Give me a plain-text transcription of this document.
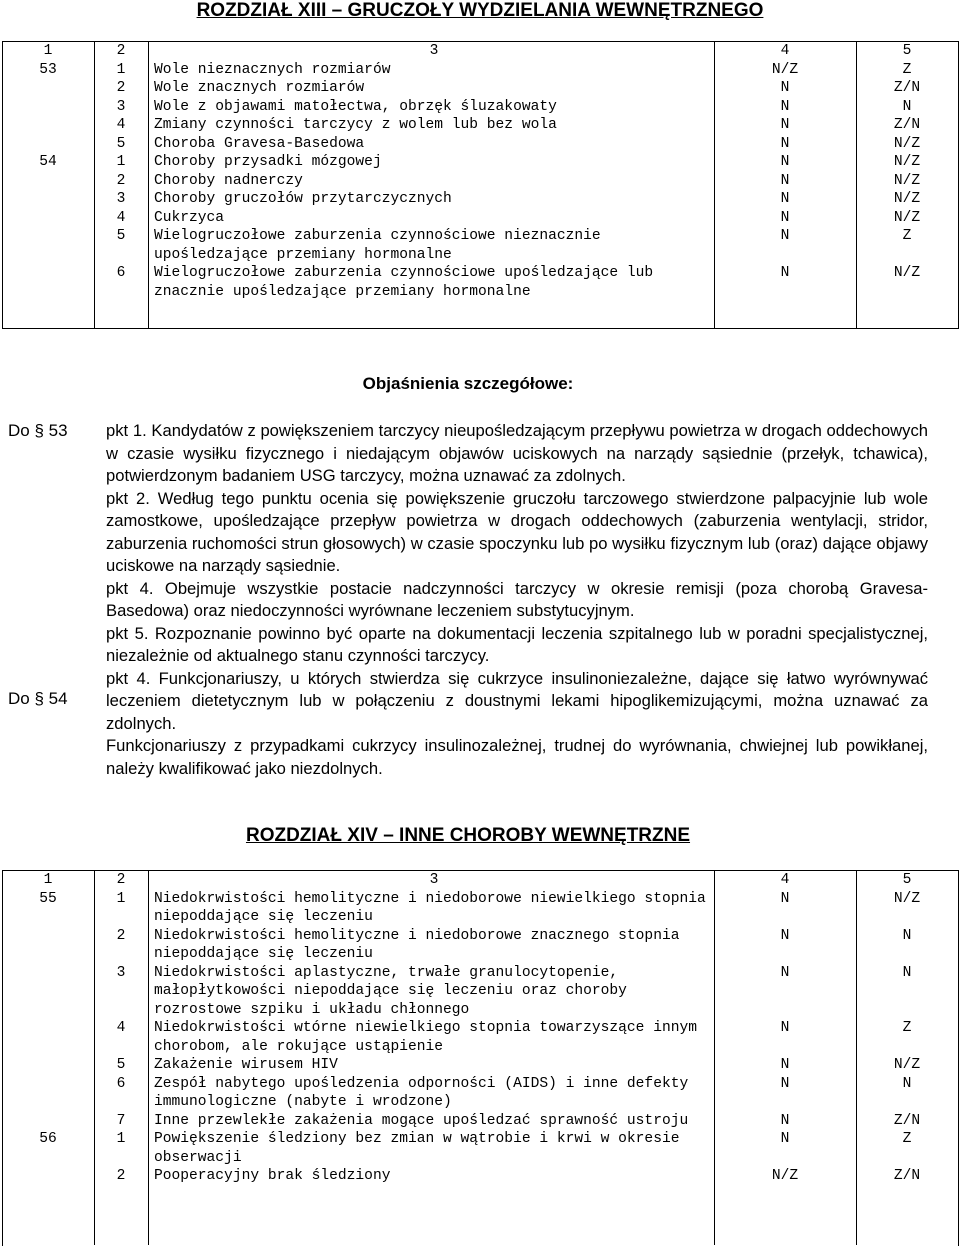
ROZDZIAŁ XIII – GRUCZOŁY WYDZIELANIA WEWNĘTRZNEGO
1	2	3	4	5
53	1	Wole nieznacznych rozmiarów	N/Z	Z
	2	Wole znacznych rozmiarów	N	Z/N
	3	Wole z objawami matołectwa, obrzęk śluzakowaty	N	N
	4	Zmiany czynności tarczycy z wolem lub bez wola	N	Z/N
	5	Choroba Gravesa-Basedowa	N	N/Z
54	1	Choroby przysadki mózgowej	N	N/Z
	2	Choroby nadnerczy	N	N/Z
	3	Choroby gruczołów przytarczycznych	N	N/Z
	4	Cukrzyca	N	N/Z
	5	Wielogruczołowe zaburzenia czynnościowe nieznacznie upośledzające przemiany hormonalne	N	Z
	6	Wielogruczołowe zaburzenia czynnościowe upośledzające lub znacznie upośledzające przemiany hormonalne	N	N/Z
Objaśnienia szczegółowe:
Do § 53
Do § 54

pkt 1. Kandydatów z powiększeniem tarczycy nieupośledzającym przepływu powietrza w drogach oddechowych w czasie wysiłku fizycznego i niedającym objawów uciskowych na narządy sąsiednie (przełyk, tchawica), potwierdzonym badaniem USG tarczycy, można uznawać za zdolnych.

pkt 2. Według tego punktu ocenia się powiększenie gruczołu tarczowego stwierdzone palpacyjnie lub wole zamostkowe, upośledzające przepływ powietrza w drogach oddechowych (zaburzenia wentylacji, stridor, zaburzenia ruchomości strun głosowych) w czasie spoczynku lub po wysiłku fizycznym lub (oraz) dające objawy uciskowe na narządy sąsiednie.

pkt 4. Obejmuje wszystkie postacie nadczynności tarczycy w okresie remisji (poza chorobą Gravesa-Basedowa) oraz niedoczynności wyrównane leczeniem substytucyjnym.

pkt 5. Rozpoznanie powinno być oparte na dokumentacji leczenia szpitalnego lub w poradni specjalistycznej, niezależnie od aktualnego stanu czynności tarczycy.

pkt 4. Funkcjonariuszy, u których stwierdza się cukrzyce insulinoniezależne, dające się łatwo wyrównywać leczeniem dietetycznym lub w połączeniu z doustnymi lekami hipoglikemizującymi, można uznawać za zdolnych.

Funkcjonariuszy z przypadkami cukrzycy insulinozależnej, trudnej do wyrównania, chwiejnej lub powikłanej, należy kwalifikować jako niezdolnych.

ROZDZIAŁ XIV – INNE CHOROBY WEWNĘTRZNE
1	2	3	4	5
55	1	Niedokrwistości hemolityczne i niedoborowe niewielkiego stopnia niepoddające się leczeniu	N	N/Z
	2	Niedokrwistości hemolityczne i niedoborowe znacznego stopnia niepoddające się leczeniu	N	N
	3	Niedokrwistości aplastyczne, trwałe granulocytopenie, małopłytkowości niepoddające się leczeniu oraz choroby rozrostowe szpiku i układu chłonnego	N	N
	4	Niedokrwistości wtórne niewielkiego stopnia towarzyszące innym chorobom, ale rokujące ustąpienie	N	Z
	5	Zakażenie wirusem HIV	N	N/Z
	6	Zespół nabytego upośledzenia odporności (AIDS) i inne defekty immunologiczne (nabyte i wrodzone)	N	N
	7	Inne przewlekłe zakażenia mogące upośledzać sprawność ustroju	N	Z/N
56	1	Powiększenie śledziony bez zmian w wątrobie i krwi w okresie obserwacji	N	Z
	2	Pooperacyjny brak śledziony	N/Z	Z/N
